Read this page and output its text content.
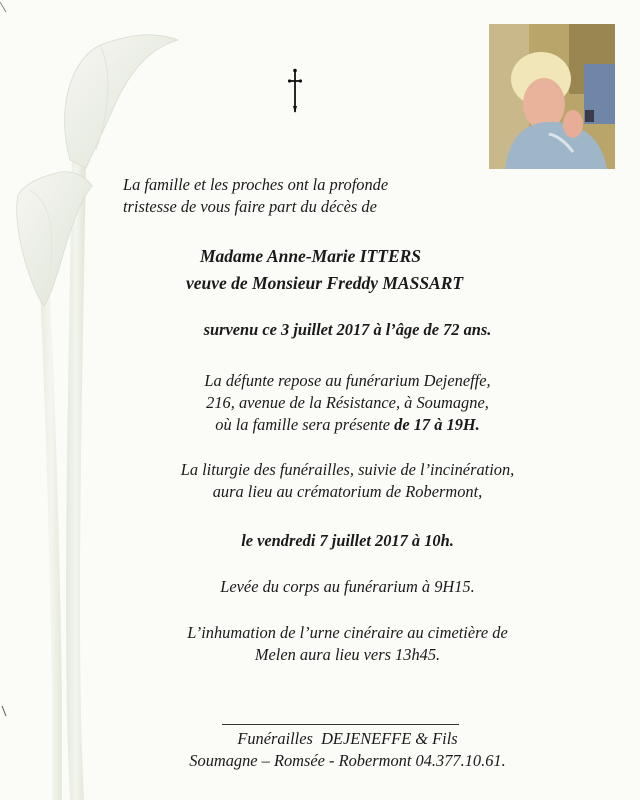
La famille et les proches ont la profonde
tristesse de vous faire part du décès de
Madame Anne-Marie ITTERS
veuve de Monsieur Freddy MASSART
survenu ce 3 juillet 2017 à l’âge de 72 ans.
La défunte repose au funérarium Dejeneffe,
216, avenue de la Résistance, à Soumagne,
où la famille sera présente de 17 à 19H.
La liturgie des funérailles, suivie de l’incinération,
aura lieu au crématorium de Robermont,
le vendredi 7 juillet 2017 à 10h.
Levée du corps au funérarium à 9H15.
L’inhumation de l’urne cinéraire au cimetière de
Melen aura lieu vers 13h45.
Funérailles  DEJENEFFE & Fils
Soumagne – Romsée - Robermont 04.377.10.61.
